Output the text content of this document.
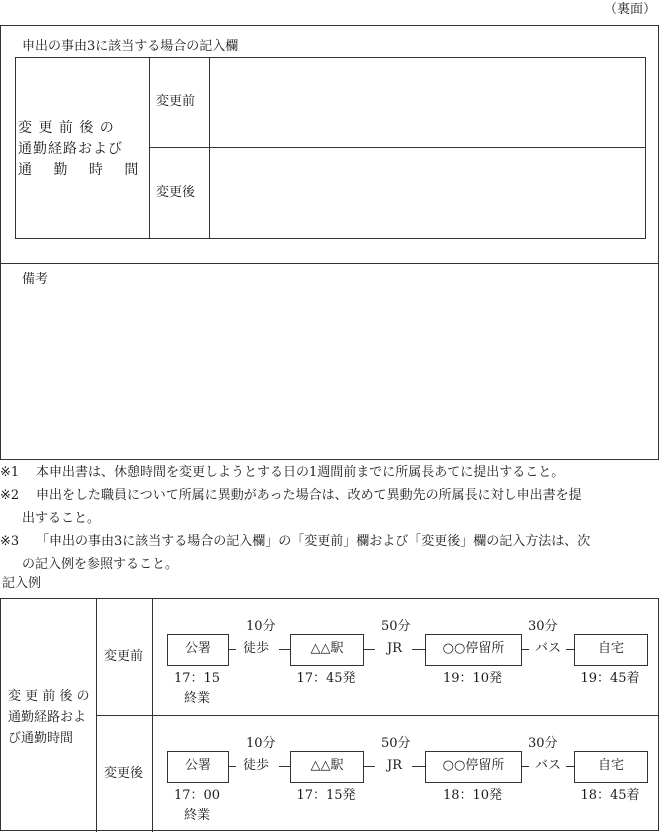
（裏面）
申出の事由3に該当する場合の記入欄
変 更 前 後 の
通勤経路および
通　 勤　 時　 間
変更前
変更後
備考
※1	本申出書は、休憩時間を変更しようとする日の1週間前までに所属長あてに提出すること。
※2	申出をした職員について所属に異動があった場合は、改めて異動先の所属長に対し申出書を提
出すること。
※3	「申出の事由3に該当する場合の記入欄」の「変更前」欄および「変更後」欄の記入方法は、次
の記入例を参照すること。
記入例
変 更 前 後 の
通勤経路およ
び通勤時間
変更前
10分	50分	30分
公署	△△駅	○○停留所	自宅
徒歩	JR	バス
17：15
終業
17：45発	19：10発	19：45着
変更後
10分	50分	30分
公署	△△駅	○○停留所	自宅
徒歩	JR	バス
17：00
終業
17：15発	18：10発	18：45着
